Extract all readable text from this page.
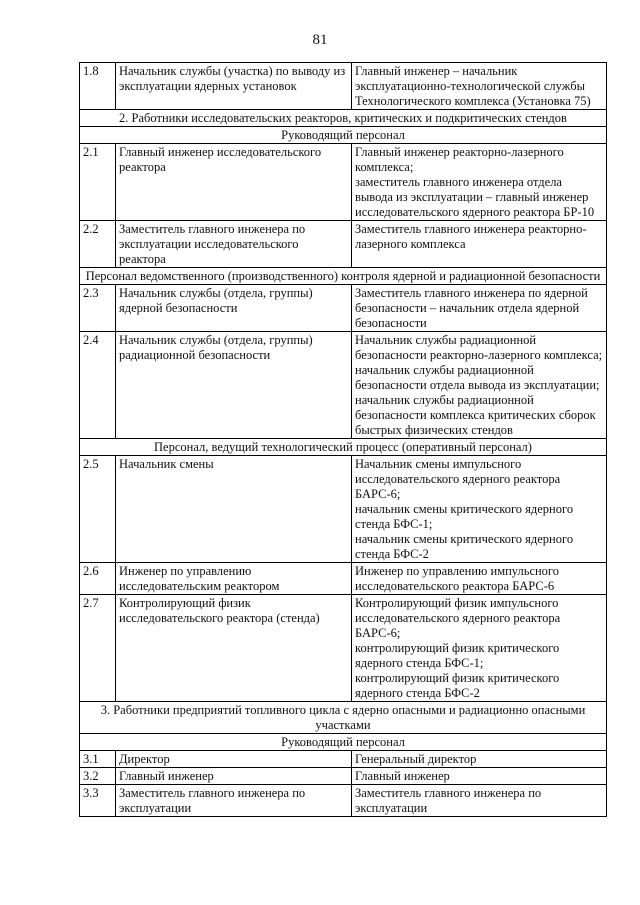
81
1.8	Начальник службы (участка) по выводу из эксплуатации ядерных установок	Главный инженер – начальник эксплуатационно-технологической службы Технологического комплекса (Установка 75)
2. Работники исследовательских реакторов, критических и подкритических стендов		
Руководящий персонал		
2.1	Главный инженер исследовательского реактора	Главный инженер реакторно-лазерного комплекса;
заместитель главного инженера отдела вывода из эксплуатации – главный инженер исследовательского ядерного реактора БР-10
2.2	Заместитель главного инженера по эксплуатации исследовательского реактора	Заместитель главного инженера реакторно-лазерного комплекса
Персонал ведомственного (производственного) контроля ядерной и радиационной безопасности		
2.3	Начальник службы (отдела, группы) ядерной безопасности	Заместитель главного инженера по ядерной безопасности – начальник отдела ядерной безопасности
2.4	Начальник службы (отдела, группы) радиационной безопасности	Начальник службы радиационной безопасности реакторно-лазерного комплекса;
начальник службы радиационной безопасности отдела вывода из эксплуатации;
начальник службы радиационной безопасности комплекса критических сборок быстрых физических стендов
Персонал, ведущий технологический процесс (оперативный персонал)		
2.5	Начальник смены	Начальник смены импульсного исследовательского ядерного реактора БАРС-6;
начальник смены критического ядерного стенда БФС-1;
начальник смены критического ядерного стенда БФС-2
2.6	Инженер по управлению исследовательским реактором	Инженер по управлению импульсного исследовательского реактора БАРС-6
2.7	Контролирующий физик исследовательского реактора (стенда)	Контролирующий физик импульсного исследовательского ядерного реактора БАРС-6;
контролирующий физик критического ядерного стенда БФС-1;
контролирующий физик критического ядерного стенда БФС-2
3. Работники предприятий топливного цикла с ядерно опасными и радиационно опасными участками		
Руководящий персонал		
3.1	Директор	Генеральный директор
3.2	Главный инженер	Главный инженер
3.3	Заместитель главного инженера по эксплуатации	Заместитель главного инженера по эксплуатации
